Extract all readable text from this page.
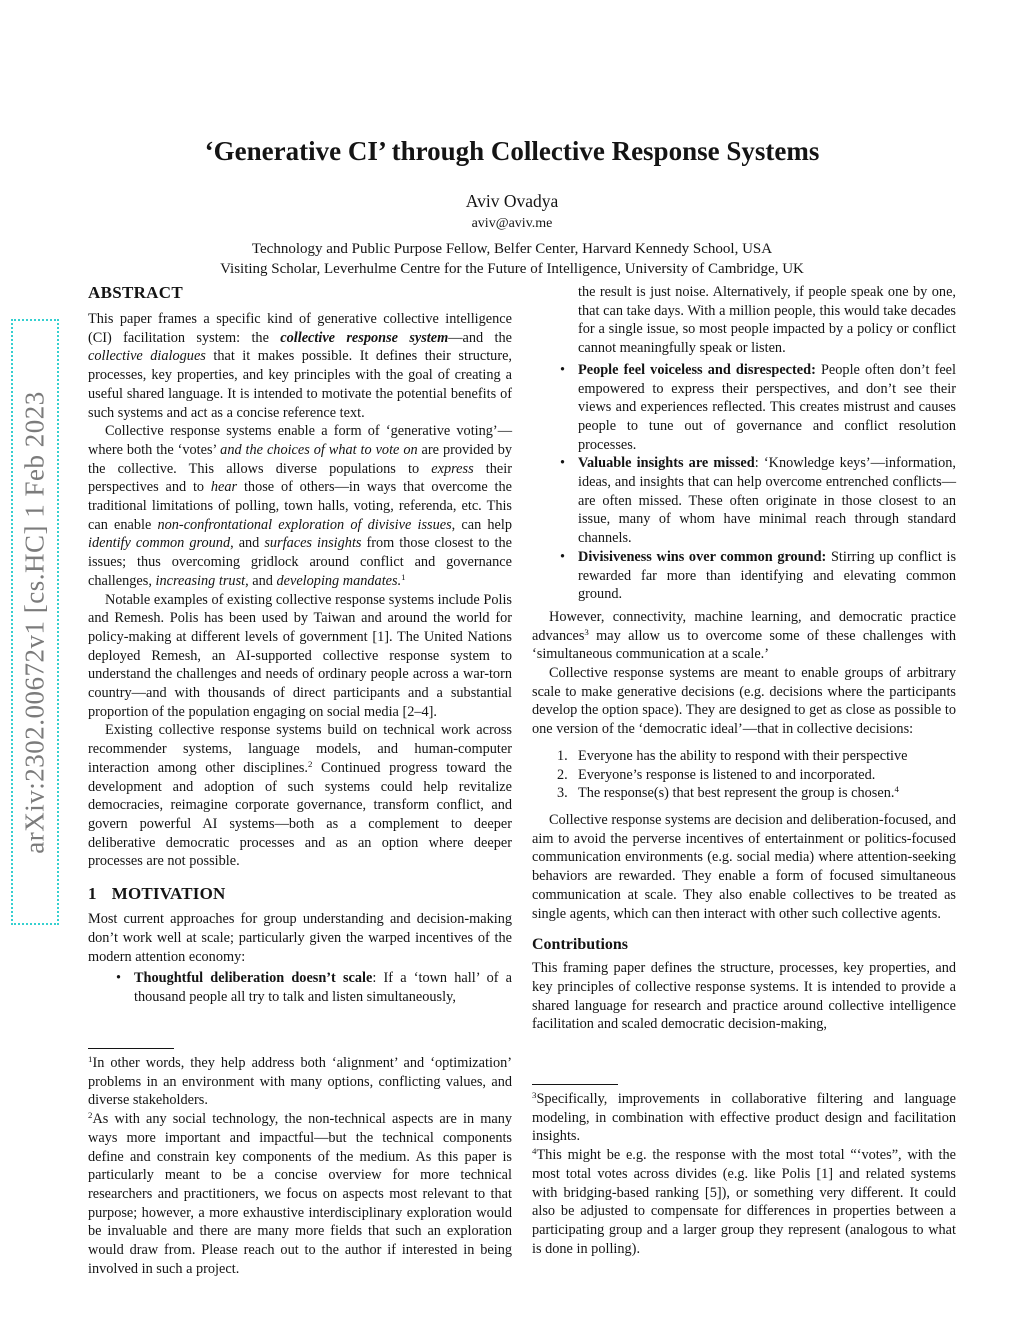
arXiv:2302.00672v1 [cs.HC] 1 Feb 2023
‘Generative CI’ through Collective Response Systems
Aviv Ovadya
aviv@aviv.me
Technology and Public Purpose Fellow, Belfer Center, Harvard Kennedy School, USA
Visiting Scholar, Leverhulme Centre for the Future of Intelligence, University of Cambridge, UK
ABSTRACT

This paper frames a specific kind of generative collective intelligence (CI) facilitation system: the collective response system—and the collective dialogues that it makes possible. It defines their structure, processes, key properties, and key principles with the goal of creating a useful shared language. It is intended to motivate the potential benefits of such systems and act as a concise reference text.

Collective response systems enable a form of ‘generative voting’—where both the ‘votes’ and the choices of what to vote on are provided by the collective. This allows diverse populations to express their perspectives and to hear those of others—in ways that overcome the traditional limitations of polling, town halls, voting, referenda, etc. This can enable non-confrontational exploration of divisive issues, can help identify common ground, and surfaces insights from those closest to the issues; thus overcoming gridlock around conflict and governance challenges, increasing trust, and developing mandates.$^1$

Notable examples of existing collective response systems include Polis and Remesh. Polis has been used by Taiwan and around the world for policy-making at different levels of government [1]. The United Nations deployed Remesh, an AI-supported collective response system to understand the challenges and needs of ordinary people across a war-torn country—and with thousands of direct participants and a substantial proportion of the population engaging on social media [2–4].

Existing collective response systems build on technical work across recommender systems, language models, and human-computer interaction among other disciplines.$^2$ Continued progress toward the development and adoption of such systems could help revitalize democracies, reimagine corporate governance, transform conflict, and govern powerful AI systems—both as a complement to deeper deliberative democratic processes and as an option where deeper processes are not possible.

1 MOTIVATION

Most current approaches for group understanding and decision-making don’t work well at scale; particularly given the warped incentives of the modern attention economy:

• Thoughtful deliberation doesn’t scale: If a ‘town hall’ of a thousand people all try to talk and listen simultaneously,

$^1$In other words, they help address both ‘alignment’ and ‘optimization’ problems in an environment with many options, conflicting values, and diverse stakeholders.

$^2$As with any social technology, the non-technical aspects are in many ways more important and impactful—but the technical components define and constrain key components of the medium. As this paper is particularly meant to be a concise overview for more technical researchers and practitioners, we focus on aspects most relevant to that purpose; however, a more exhaustive interdisciplinary exploration would be invaluable and there are many more fields that such an exploration would draw from. Please reach out to the author if interested in being involved in such a project.

the result is just noise. Alternatively, if people speak one by one, that can take days. With a million people, this would take decades for a single issue, so most people impacted by a policy or conflict cannot meaningfully speak or listen.

• People feel voiceless and disrespected: People often don’t feel empowered to express their perspectives, and don’t see their views and experiences reflected. This creates mistrust and causes people to tune out of governance and conflict resolution processes.
• Valuable insights are missed: ‘Knowledge keys’—information, ideas, and insights that can help overcome entrenched conflicts—are often missed. These often originate in those closest to an issue, many of whom have minimal reach through standard channels.
• Divisiveness wins over common ground: Stirring up conflict is rewarded far more than identifying and elevating common ground.

However, connectivity, machine learning, and democratic practice advances$^3$ may allow us to overcome some of these challenges with ‘simultaneous communication at a scale.’

Collective response systems are meant to enable groups of arbitrary scale to make generative decisions (e.g. decisions where the participants develop the option space). They are designed to get as close as possible to one version of the ‘democratic ideal’—that in collective decisions:

Everyone has the ability to respond with their perspective
Everyone’s response is listened to and incorporated.
The response(s) that best represent the group is chosen.$^4$

Collective response systems are decision and deliberation-focused, and aim to avoid the perverse incentives of entertainment or politics-focused communication environments (e.g. social media) where attention-seeking behaviors are rewarded. They enable a form of focused simultaneous communication at scale. They also enable collectives to be treated as single agents, which can then interact with other such collective agents.

Contributions

This framing paper defines the structure, processes, key properties, and key principles of collective response systems. It is intended to provide a shared language for research and practice around collective intelligence facilitation and scaled democratic decision-making,

$^3$Specifically, improvements in collaborative filtering and language modeling, in combination with effective product design and facilitation insights.

$^4$This might be e.g. the response with the most total “‘votes”, with the most total votes across divides (e.g. like Polis [1] and related systems with bridging-based ranking [5]), or something very different. It could also be adjusted to compensate for differences in properties between a participating group and a larger group they represent (analogous to what is done in polling).
